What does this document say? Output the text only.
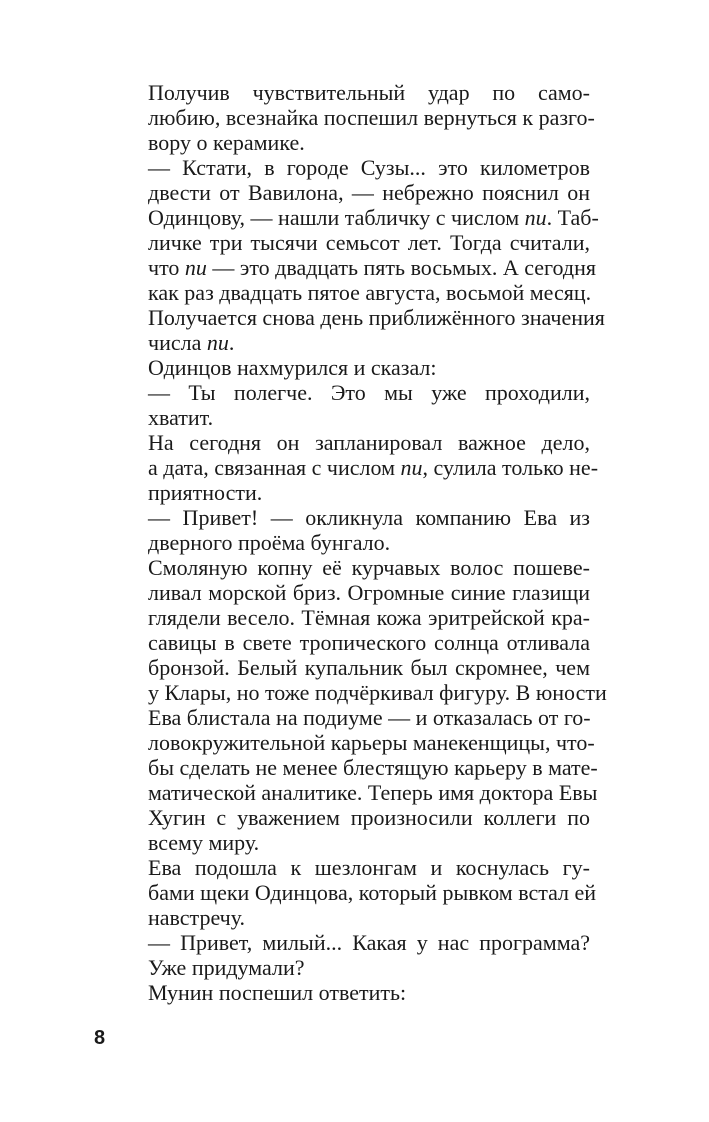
Получив чувствительный удар по само-
любию, всезнайка поспешил вернуться к разго-
вору о керамике.

— Кстати, в городе Сузы... это километров
двести от Вавилона, — небрежно пояснил он
Одинцову, — нашли табличку с числом пи. Таб-
личке три тысячи семьсот лет. Тогда считали,
что пи — это двадцать пять восьмых. А сегодня
как раз двадцать пятое августа, восьмой месяц.
Получается снова день приближённого значения
числа пи.

Одинцов нахмурился и сказал:

— Ты полегче. Это мы уже проходили,
хватит.

На сегодня он запланировал важное дело,
а дата, связанная с числом пи, сулила только не-
приятности.

— Привет! — окликнула компанию Ева из
дверного проёма бунгало.

Смоляную копну её курчавых волос пошеве-
ливал морской бриз. Огромные синие глазищи
глядели весело. Тёмная кожа эритрейской кра-
савицы в свете тропического солнца отливала
бронзой. Белый купальник был скромнее, чем
у Клары, но тоже подчёркивал фигуру. В юности
Ева блистала на подиуме — и отказалась от го-
ловокружительной карьеры манекенщицы, что-
бы сделать не менее блестящую карьеру в мате-
матической аналитике. Теперь имя доктора Евы
Хугин с уважением произносили коллеги по
всему миру.

Ева подошла к шезлонгам и коснулась гу-
бами щеки Одинцова, который рывком встал ей
навстречу.

— Привет, милый... Какая у нас программа?
Уже придумали?

Мунин поспешил ответить:

8
